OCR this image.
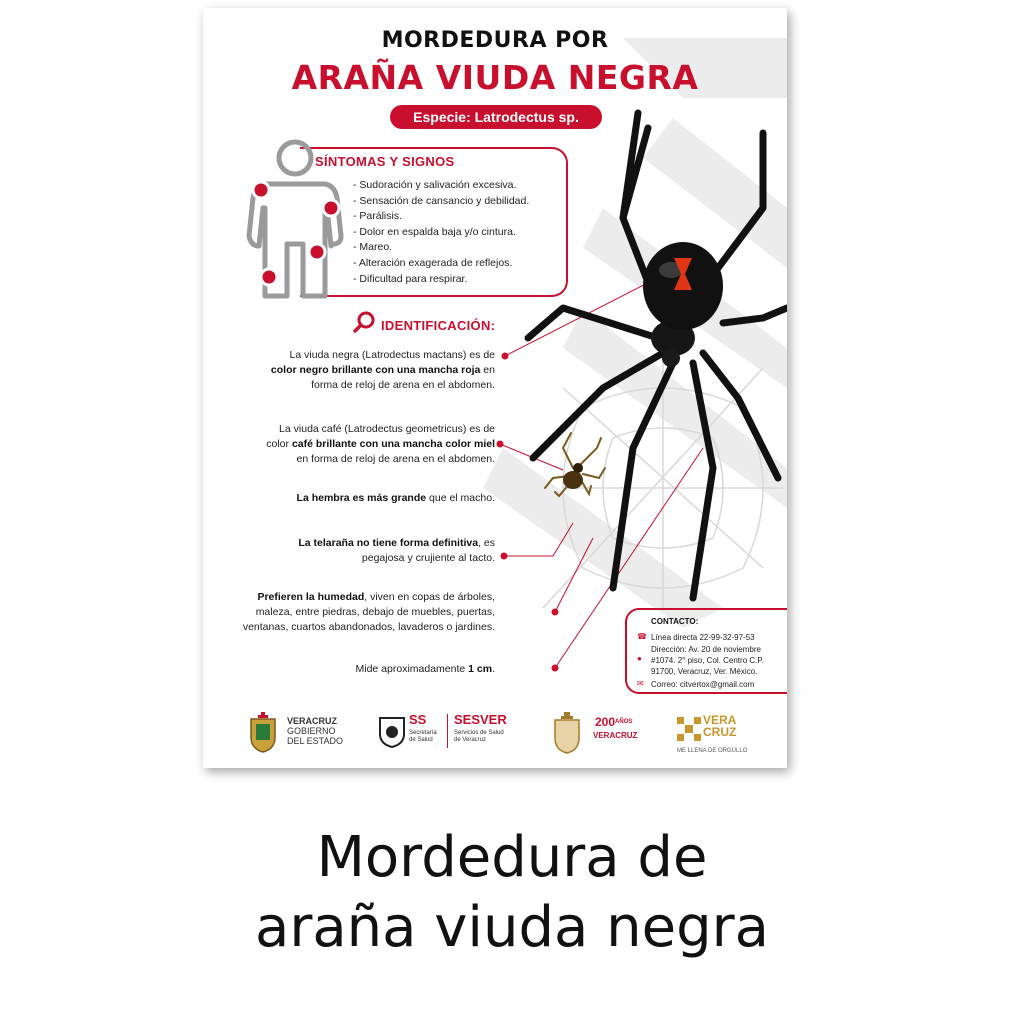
MORDEDURA POR
ARAÑA VIUDA NEGRA
Especie: Latrodectus sp.
SÍNTOMAS Y SIGNOS
- Sudoración y salivación excesiva.
- Sensación de cansancio y debilidad.
- Parálisis.
- Dolor en espalda baja y/o cintura.
- Mareo.
- Alteración exagerada de reflejos.
- Dificultad para respirar.
IDENTIFICACIÓN:
La viuda negra (Latrodectus mactans) es de
color negro brillante con una mancha roja en
forma de reloj de arena en el abdomen.
La viuda café (Latrodectus geometricus) es de
color café brillante con una mancha color miel
en forma de reloj de arena en el abdomen.
La hembra es más grande que el macho.
La telaraña no tiene forma definitiva, es
pegajosa y crujiente al tacto.
Prefieren la humedad, viven en copas de árboles,
maleza, entre piedras, debajo de muebles, puertas,
ventanas, cuartos abandonados, lavaderos o jardines.
Mide aproximadamente 1 cm.
CONTACTO:
☎ Línea directa 22-99-32-97-53
●
Dirección: Av. 20 de noviembre
#1074. 2° piso, Col. Centro C.P.
91700, Veracruz, Ver. México.
✉ Correo: citvertox@gmail.com
VERACRUZ
GOBIERNO
DEL ESTADO
SS
Secretaría
de Salud
SESVER
Servicios de Salud
de Veracruz
$200^{AÑOS}$
VERACRUZ
VERA
CRUZ
ME LLENA DE ORGULLO
Mordedura de
araña viuda negra
